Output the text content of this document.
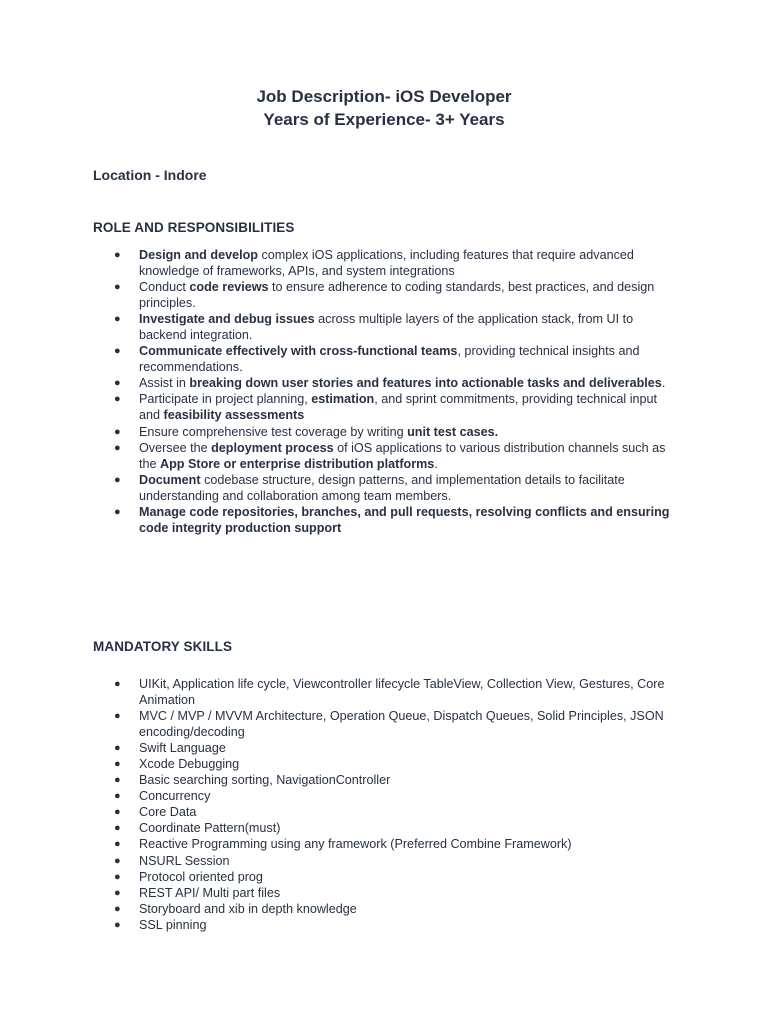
Job Description- iOS Developer
Years of Experience- 3+ Years
Location - Indore
ROLE AND RESPONSIBILITIES
● Design and develop complex iOS applications, including features that require advanced knowledge of frameworks, APIs, and system integrations
● Conduct code reviews to ensure adherence to coding standards, best practices, and design principles.
● Investigate and debug issues across multiple layers of the application stack, from UI to backend integration.
● Communicate effectively with cross-functional teams, providing technical insights and recommendations.
● Assist in breaking down user stories and features into actionable tasks and deliverables.
● Participate in project planning, estimation, and sprint commitments, providing technical input and feasibility assessments
● Ensure comprehensive test coverage by writing unit test cases.
● Oversee the deployment process of iOS applications to various distribution channels such as the App Store or enterprise distribution platforms.
● Document codebase structure, design patterns, and implementation details to facilitate understanding and collaboration among team members.
● Manage code repositories, branches, and pull requests, resolving conflicts and ensuring code integrity production support
MANDATORY SKILLS
● UIKit, Application life cycle, Viewcontroller lifecycle TableView, Collection View, Gestures, Core Animation
● MVC / MVP / MVVM Architecture, Operation Queue, Dispatch Queues, Solid Principles, JSON encoding/decoding
● Swift Language
● Xcode Debugging
● Basic searching sorting, NavigationController
● Concurrency
● Core Data
● Coordinate Pattern(must)
● Reactive Programming using any framework (Preferred Combine Framework)
● NSURL Session
● Protocol oriented prog
● REST API/ Multi part files
● Storyboard and xib in depth knowledge
● SSL pinning
